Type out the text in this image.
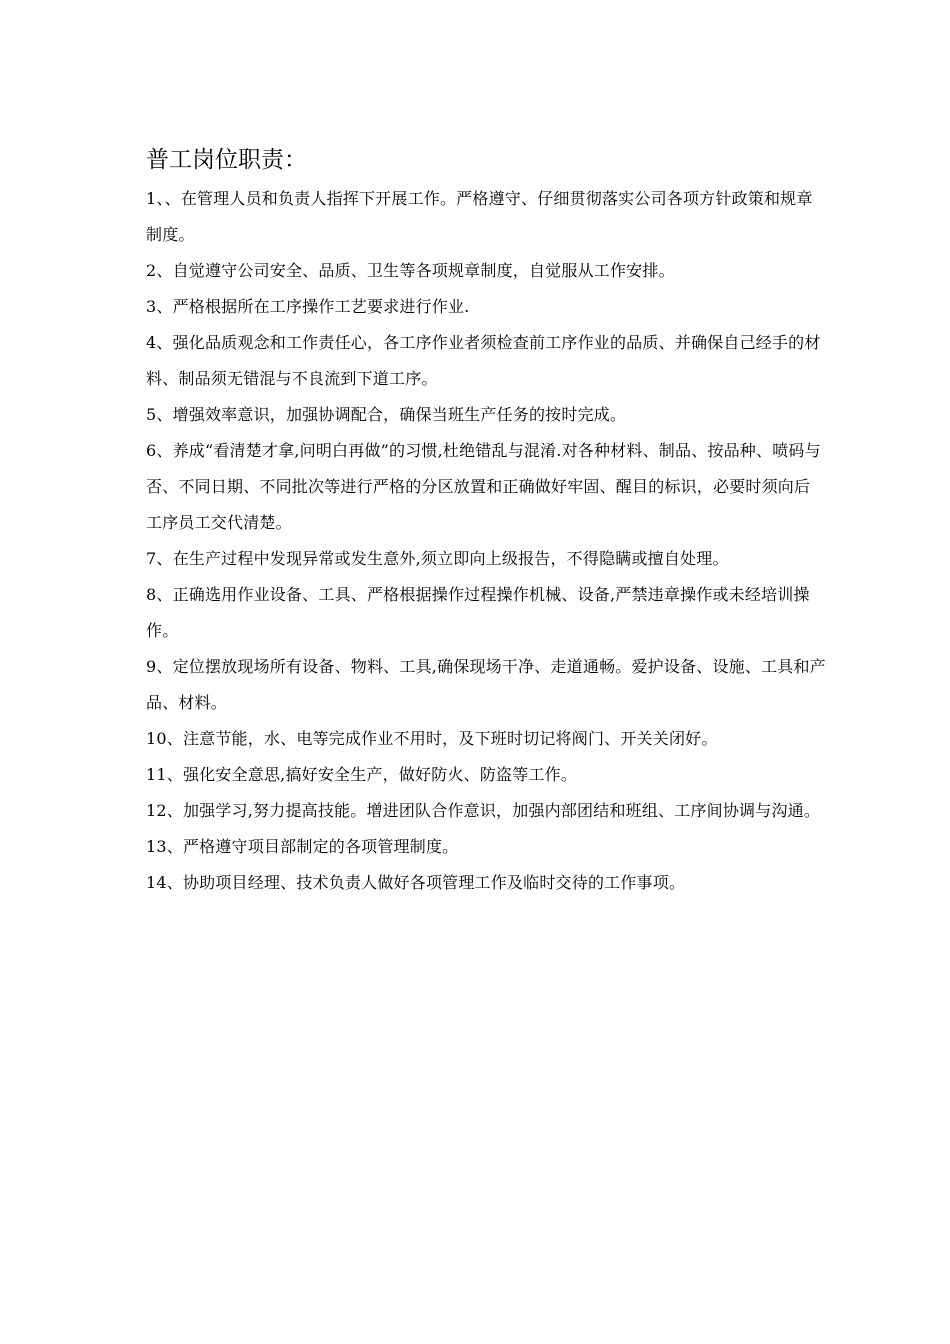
普工岗位职责：

1、、在管理人员和负责人指挥下开展工作。严格遵守、仔细贯彻落实公司各项方针政策和规章制度。

2、自觉遵守公司安全、品质、卫生等各项规章制度，自觉服从工作安排。

3、严格根据所在工序操作工艺要求进行作业.

4、强化品质观念和工作责任心，各工序作业者须检查前工序作业的品质、并确保自己经手的材料、制品须无错混与不良流到下道工序。

5、增强效率意识，加强协调配合，确保当班生产任务的按时完成。

6、养成“看清楚才拿,问明白再做”的习惯,杜绝错乱与混淆.对各种材料、制品、按品种、喷码与否、不同日期、不同批次等进行严格的分区放置和正确做好牢固、醒目的标识，必要时须向后工序员工交代清楚。

7、在生产过程中发现异常或发生意外,须立即向上级报告，不得隐瞒或擅自处理。

8、正确选用作业设备、工具、严格根据操作过程操作机械、设备,严禁违章操作或未经培训操作。

9、定位摆放现场所有设备、物料、工具,确保现场干净、走道通畅。爱护设备、设施、工具和产品、材料。

10、注意节能，水、电等完成作业不用时，及下班时切记将阀门、开关关闭好。

11、强化安全意思,搞好安全生产，做好防火、防盗等工作。

12、加强学习,努力提高技能。增进团队合作意识，加强内部团结和班组、工序间协调与沟通。

13、严格遵守项目部制定的各项管理制度。

14、协助项目经理、技术负责人做好各项管理工作及临时交待的工作事项。
